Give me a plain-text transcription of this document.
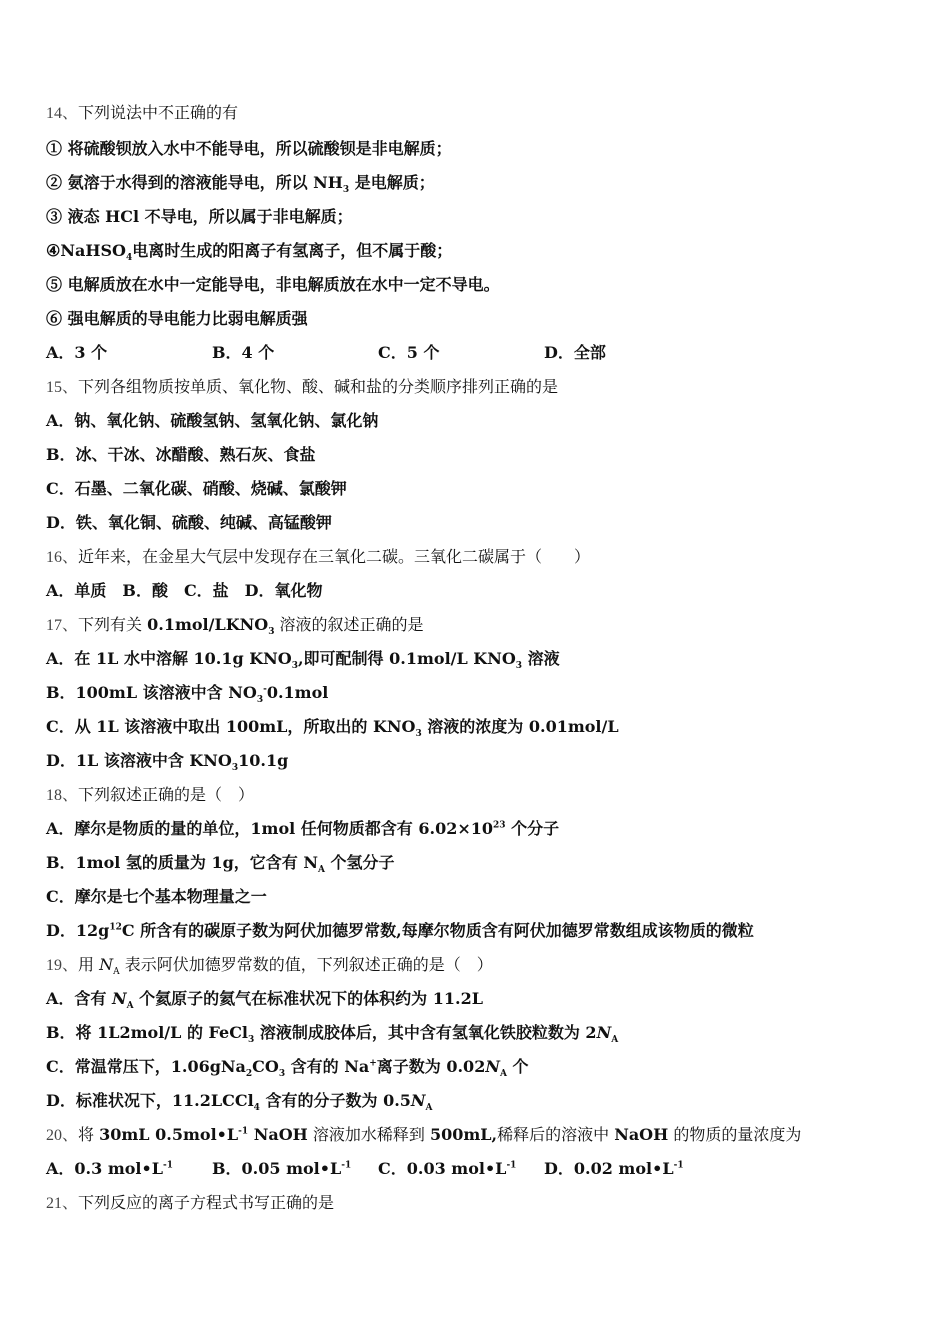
14、下列说法中不正确的有
① 将硫酸钡放入水中不能导电，所以硫酸钡是非电解质；
② 氨溶于水得到的溶液能导电，所以 $NH_3$ 是电解质；
③ 液态 HCl 不导电，所以属于非电解质；
④NaHSO$_4$电离时生成的阳离子有氢离子，但不属于酸；
⑤ 电解质放在水中一定能导电，非电解质放在水中一定不导电。
⑥ 强电解质的导电能力比弱电解质强
A．3 个	B．4 个	C．5 个	D．全部
15、下列各组物质按单质、氧化物、酸、碱和盐的分类顺序排列正确的是
A．钠、氧化钠、硫酸氢钠、氢氧化钠、氯化钠
B．冰、干冰、冰醋酸、熟石灰、食盐
C．石墨、二氧化碳、硝酸、烧碱、氯酸钾
D．铁、氧化铜、硫酸、纯碱、高锰酸钾
16、近年来，在金星大气层中发现存在三氧化二碳。三氧化二碳属于（　　）
A．单质　B．酸　C．盐　D．氧化物
17、下列有关 $0.1mol/LKNO_3$ 溶液的叙述正确的是
A．在 1L 水中溶解 10.1g $KNO_3$,即可配制得 0.1mol/L $KNO_3$ 溶液
B．100mL 该溶液中含 $NO_3^-0.1mol$
C．从 1L 该溶液中取出 100mL，所取出的 $KNO_3$ 溶液的浓度为 0.01mol/L
D．1L 该溶液中含 $KNO_310.1g$
18、下列叙述正确的是（　）
A．摩尔是物质的量的单位，1mol 任何物质都含有 $6.02\times 10^{23}$ 个分子
B．1mol 氢的质量为 1g，它含有 $N_A$ 个氢分子
C．摩尔是七个基本物理量之一
D．$12g^{12}C$ 所含有的碳原子数为阿伏加德罗常数,每摩尔物质含有阿伏加德罗常数组成该物质的微粒
19、用 $N_A$ 表示阿伏加德罗常数的值，下列叙述正确的是（　）
A．含有 $N_A$ 个氦原子的氦气在标准状况下的体积约为 11.2L
B．将 1L2mol/L 的 FeCl$_3$ 溶液制成胶体后，其中含有氢氧化铁胶粒数为 $2N_A$
C．常温常压下，$1.06gNa_2CO_3$ 含有的 Na+离子数为 $0.02N_A$ 个
D．标准状况下，11.2LCCl$_4$ 含有的分子数为 $0.5N_A$
20、将 30mL $0.5mol•L^{-1}$ NaOH 溶液加水稀释到 500mL,稀释后的溶液中 NaOH 的物质的量浓度为
A．0.3 $mol•L^{-1}$	B．0.05 $mol•L^{-1}$	C．0.03 $mol•L^{-1}$	D．0.02 $mol•L^{-1}$
21、下列反应的离子方程式书写正确的是
